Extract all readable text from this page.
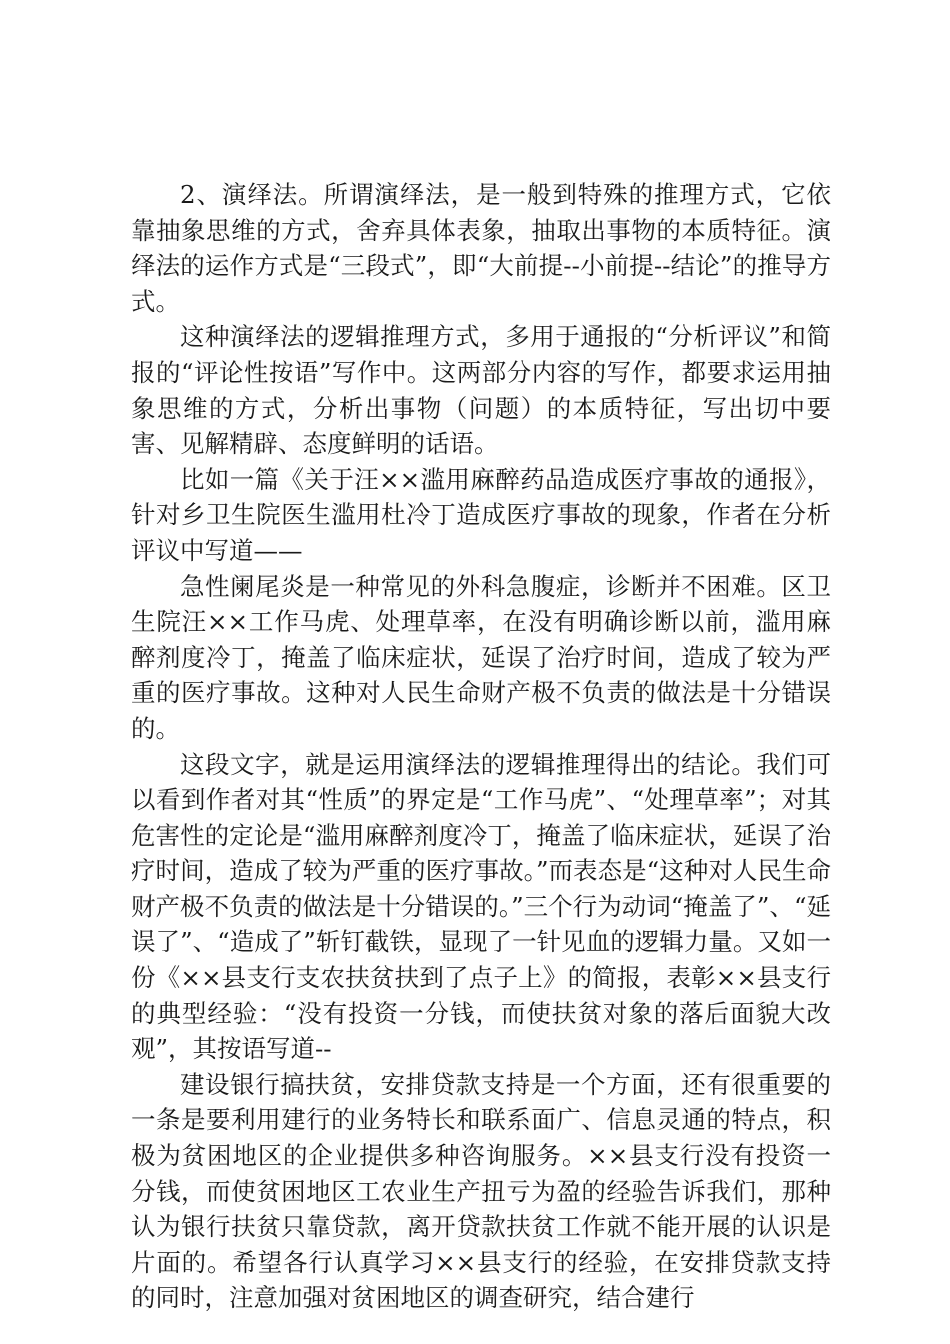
2、演绎法。所谓演绎法，是一般到特殊的推理方式，它依靠抽象思维的方式，舍弃具体表象，抽取出事物的本质特征。演绎法的运作方式是“三段式”，即“大前提--小前提--结论”的推导方式。

这种演绎法的逻辑推理方式，多用于通报的“分析评议”和简报的“评论性按语”写作中。这两部分内容的写作，都要求运用抽象思维的方式，分析出事物（问题）的本质特征，写出切中要害、见解精辟、态度鲜明的话语。

比如一篇《关于汪××滥用麻醉药品造成医疗事故的通报》，针对乡卫生院医生滥用杜冷丁造成医疗事故的现象，作者在分析评议中写道——

急性阑尾炎是一种常见的外科急腹症，诊断并不困难。区卫生院汪××工作马虎、处理草率，在没有明确诊断以前，滥用麻醉剂度冷丁，掩盖了临床症状，延误了治疗时间，造成了较为严重的医疗事故。这种对人民生命财产极不负责的做法是十分错误的。

这段文字，就是运用演绎法的逻辑推理得出的结论。我们可以看到作者对其“性质”的界定是“工作马虎”、“处理草率”；对其危害性的定论是“滥用麻醉剂度冷丁，掩盖了临床症状，延误了治疗时间，造成了较为严重的医疗事故。”而表态是“这种对人民生命财产极不负责的做法是十分错误的。”三个行为动词“掩盖了”、“延误了”、“造成了”斩钉截铁，显现了一针见血的逻辑力量。又如一份《××县支行支农扶贫扶到了点子上》的简报，表彰××县支行的典型经验：“没有投资一分钱，而使扶贫对象的落后面貌大改观”，其按语写道--

建设银行搞扶贫，安排贷款支持是一个方面，还有很重要的一条是要利用建行的业务特长和联系面广、信息灵通的特点，积极为贫困地区的企业提供多种咨询服务。××县支行没有投资一分钱，而使贫困地区工农业生产扭亏为盈的经验告诉我们，那种认为银行扶贫只靠贷款，离开贷款扶贫工作就不能开展的认识是片面的。希望各行认真学习××县支行的经验，在安排贷款支持的同时，注意加强对贫困地区的调查研究，结合建行
